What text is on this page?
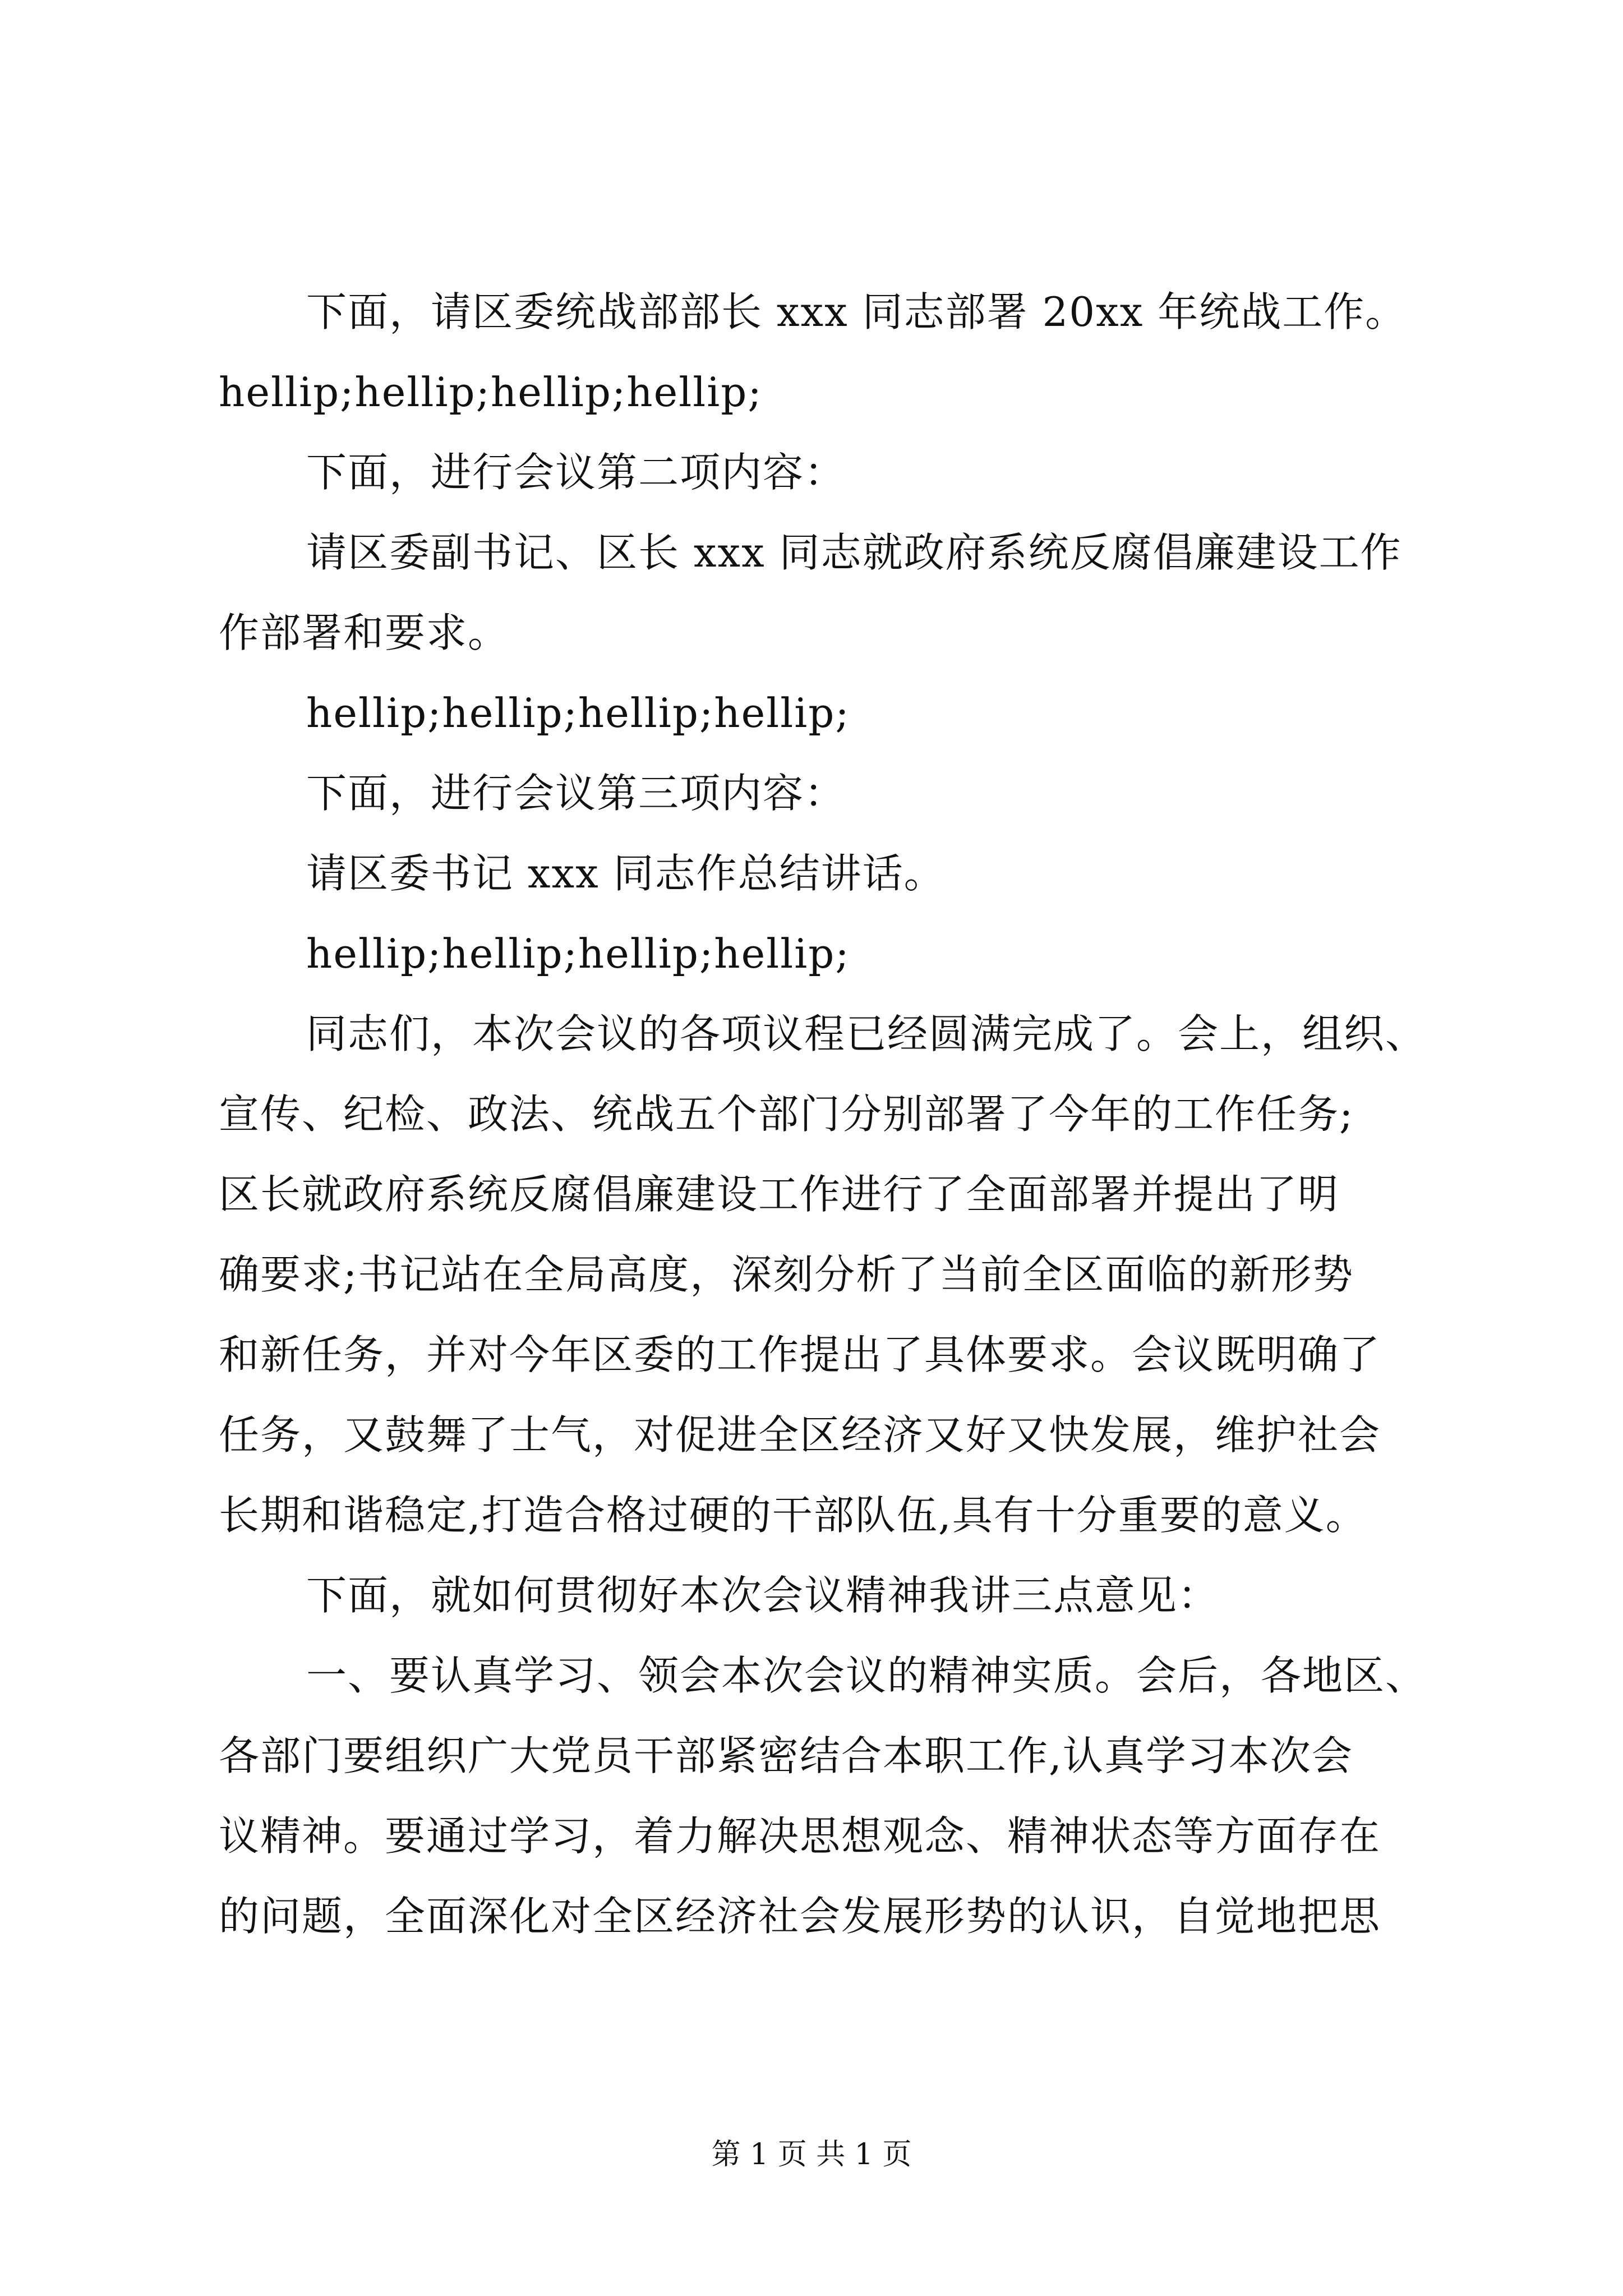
下面，请区委统战部部长 xxx 同志部署 20xx 年统战工作。
hellip;hellip;hellip;hellip;
下面，进行会议第二项内容：
请区委副书记、区长 xxx 同志就政府系统反腐倡廉建设工作
作部署和要求。
hellip;hellip;hellip;hellip;
下面，进行会议第三项内容：
请区委书记 xxx 同志作总结讲话。
hellip;hellip;hellip;hellip;
同志们，本次会议的各项议程已经圆满完成了。会上，组织、
宣传、纪检、政法、统战五个部门分别部署了今年的工作任务;
区长就政府系统反腐倡廉建设工作进行了全面部署并提出了明
确要求;书记站在全局高度，深刻分析了当前全区面临的新形势
和新任务，并对今年区委的工作提出了具体要求。会议既明确了
任务，又鼓舞了士气，对促进全区经济又好又快发展，维护社会
长期和谐稳定,打造合格过硬的干部队伍,具有十分重要的意义。
下面，就如何贯彻好本次会议精神我讲三点意见：
一、要认真学习、领会本次会议的精神实质。会后，各地区、
各部门要组织广大党员干部紧密结合本职工作,认真学习本次会
议精神。要通过学习，着力解决思想观念、精神状态等方面存在
的问题，全面深化对全区经济社会发展形势的认识，自觉地把思
第 1 页 共 1 页
